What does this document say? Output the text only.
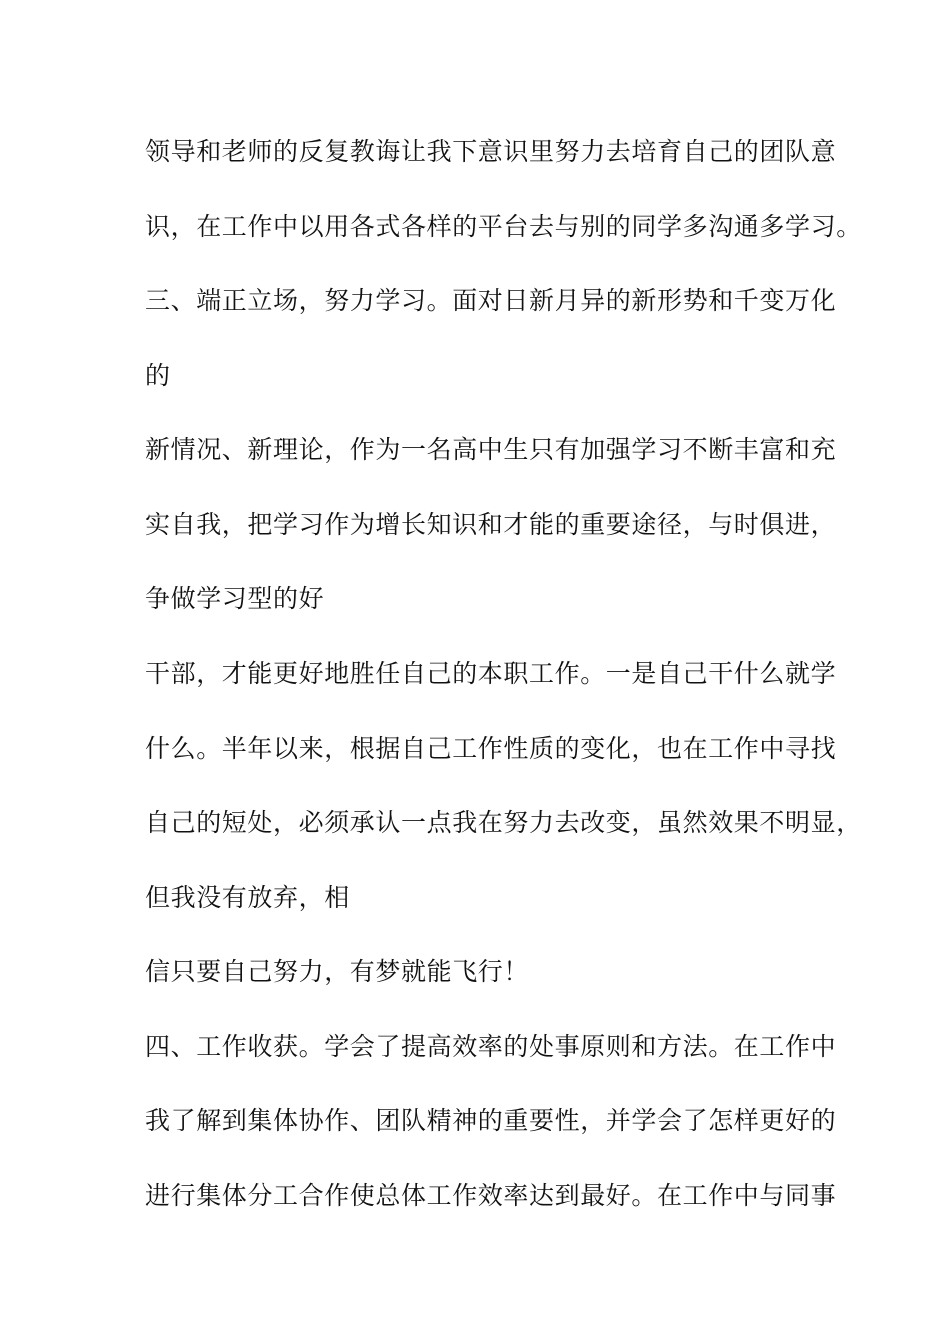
领导和老师的反复教诲让我下意识里努力去培育自己的团队意

识，在工作中以用各式各样的平台去与别的同学多沟通多学习。

三、端正立场，努力学习。面对日新月异的新形势和千变万化

的

新情况、新理论，作为一名高中生只有加强学习不断丰富和充

实自我，把学习作为增长知识和才能的重要途径，与时俱进，

争做学习型的好

干部，才能更好地胜任自己的本职工作。一是自己干什么就学

什么。半年以来，根据自己工作性质的变化，也在工作中寻找

自己的短处，必须承认一点我在努力去改变，虽然效果不明显，

但我没有放弃，相

信只要自己努力，有梦就能飞行！

四、工作收获。学会了提高效率的处事原则和方法。在工作中

我了解到集体协作、团队精神的重要性，并学会了怎样更好的

进行集体分工合作使总体工作效率达到最好。在工作中与同事
